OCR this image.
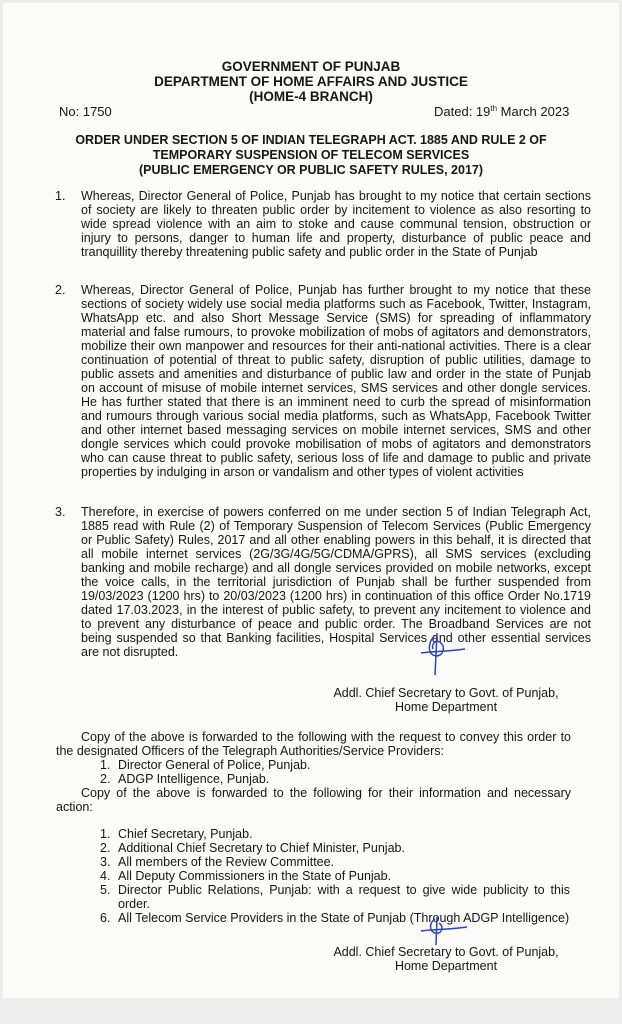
GOVERNMENT OF PUNJAB
DEPARTMENT OF HOME AFFAIRS AND JUSTICE
(HOME-4 BRANCH)
No: 1750	Dated: 19th March 2023
ORDER UNDER SECTION 5 OF INDIAN TELEGRAPH ACT. 1885 AND RULE 2 OF
TEMPORARY SUSPENSION OF TELECOM SERVICES
(PUBLIC EMERGENCY OR PUBLIC SAFETY RULES, 2017)
1. Whereas, Director General of Police, Punjab has brought to my notice that certain sections of society are likely to threaten public order by incitement to violence as also resorting to wide spread violence with an aim to stoke and cause communal tension, obstruction or injury to persons, danger to human life and property, disturbance of public peace and tranquillity thereby threatening public safety and public order in the State of Punjab
2. Whereas, Director General of Police, Punjab has further brought to my notice that these sections of society widely use social media platforms such as Facebook, Twitter, Instagram, WhatsApp etc. and also Short Message Service (SMS) for spreading of inflammatory material and false rumours, to provoke mobilization of mobs of agitators and demonstrators, mobilize their own manpower and resources for their anti-national activities. There is a clear continuation of potential of threat to public safety, disruption of public utilities, damage to public assets and amenities and disturbance of public law and order in the state of Punjab on account of misuse of mobile internet services, SMS services and other dongle services. He has further stated that there is an imminent need to curb the spread of misinformation and rumours through various social media platforms, such as WhatsApp, Facebook Twitter and other internet based messaging services on mobile internet services, SMS and other dongle services which could provoke mobilisation of mobs of agitators and demonstrators who can cause threat to public safety, serious loss of life and damage to public and private properties by indulging in arson or vandalism and other types of violent activities
3. Therefore, in exercise of powers conferred on me under section 5 of Indian Telegraph Act, 1885 read with Rule (2) of Temporary Suspension of Telecom Services (Public Emergency or Public Safety) Rules, 2017 and all other enabling powers in this behalf, it is directed that all mobile internet services (2G/3G/4G/5G/CDMA/GPRS), all SMS services (excluding banking and mobile recharge) and all dongle services provided on mobile networks, except the voice calls, in the territorial jurisdiction of Punjab shall be further suspended from 19/03/2023 (1200 hrs) to 20/03/2023 (1200 hrs) in continuation of this office Order No.1719 dated 17.03.2023, in the interest of public safety, to prevent any incitement to violence and to prevent any disturbance of peace and public order. The Broadband Services are not being suspended so that Banking facilities, Hospital Services and other essential services are not disrupted.
Addl. Chief Secretary to Govt. of Punjab,
Home Department
Copy of the above is forwarded to the following with the request to convey this order to the designated Officers of the Telegraph Authorities/Service Providers:
1. Director General of Police, Punjab.
2. ADGP Intelligence, Punjab.
Copy of the above is forwarded to the following for their information and necessary action:
1. Chief Secretary, Punjab.
2. Additional Chief Secretary to Chief Minister, Punjab.
3. All members of the Review Committee.
4. All Deputy Commissioners in the State of Punjab.
5. Director Public Relations, Punjab: with a request to give wide publicity to this order.
6. All Telecom Service Providers in the State of Punjab (Through ADGP Intelligence)
Addl. Chief Secretary to Govt. of Punjab,
Home Department
